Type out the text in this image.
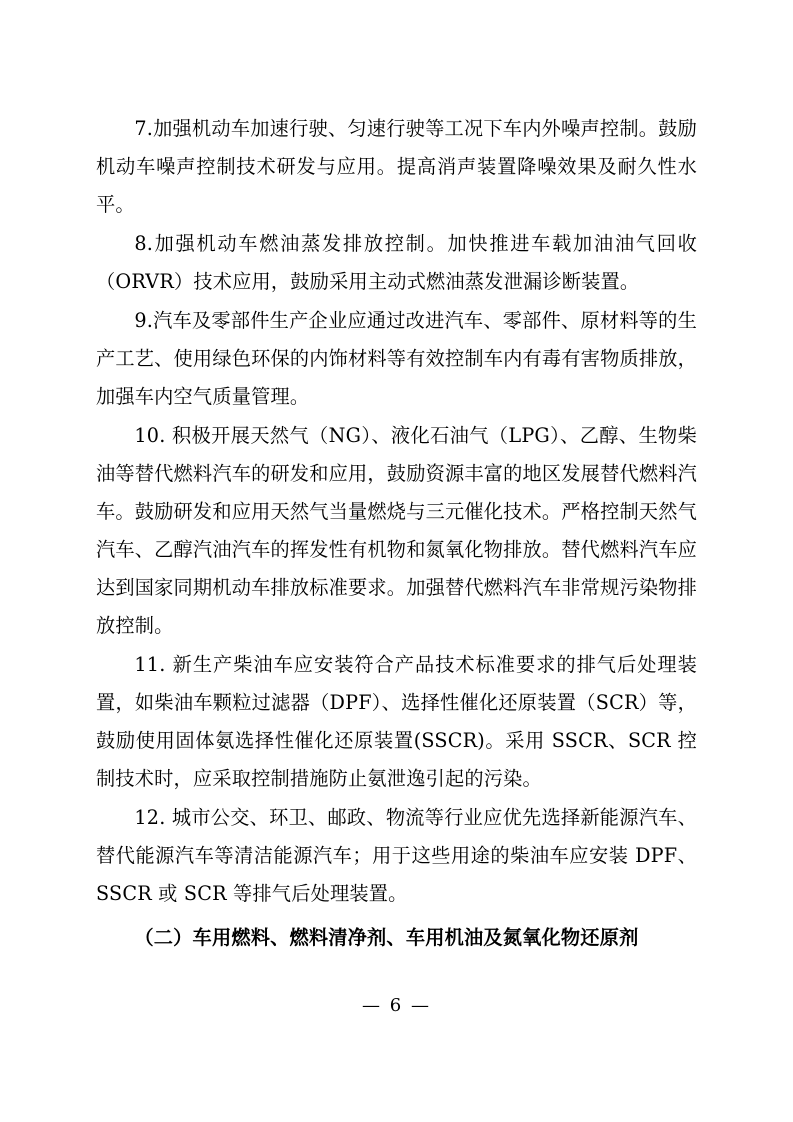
7.加强机动车加速行驶、匀速行驶等工况下车内外噪声控制。鼓励机动车噪声控制技术研发与应用。提高消声装置降噪效果及耐久性水平。

8.加强机动车燃油蒸发排放控制。加快推进车载加油油气回收（ORVR）技术应用，鼓励采用主动式燃油蒸发泄漏诊断装置。

9.汽车及零部件生产企业应通过改进汽车、零部件、原材料等的生产工艺、使用绿色环保的内饰材料等有效控制车内有毒有害物质排放，加强车内空气质量管理。

10. 积极开展天然气（NG）、液化石油气（LPG）、乙醇、生物柴油等替代燃料汽车的研发和应用，鼓励资源丰富的地区发展替代燃料汽车。鼓励研发和应用天然气当量燃烧与三元催化技术。严格控制天然气汽车、乙醇汽油汽车的挥发性有机物和氮氧化物排放。替代燃料汽车应达到国家同期机动车排放标准要求。加强替代燃料汽车非常规污染物排放控制。

11. 新生产柴油车应安装符合产品技术标准要求的排气后处理装置，如柴油车颗粒过滤器（DPF）、选择性催化还原装置（SCR）等，鼓励使用固体氨选择性催化还原装置(SSCR)。采用 SSCR、SCR 控制技术时，应采取控制措施防止氨泄逸引起的污染。

12. 城市公交、环卫、邮政、物流等行业应优先选择新能源汽车、替代能源汽车等清洁能源汽车；用于这些用途的柴油车应安装 DPF、SSCR 或 SCR 等排气后处理装置。

（二）车用燃料、燃料清净剂、车用机油及氮氧化物还原剂

— 6 —
